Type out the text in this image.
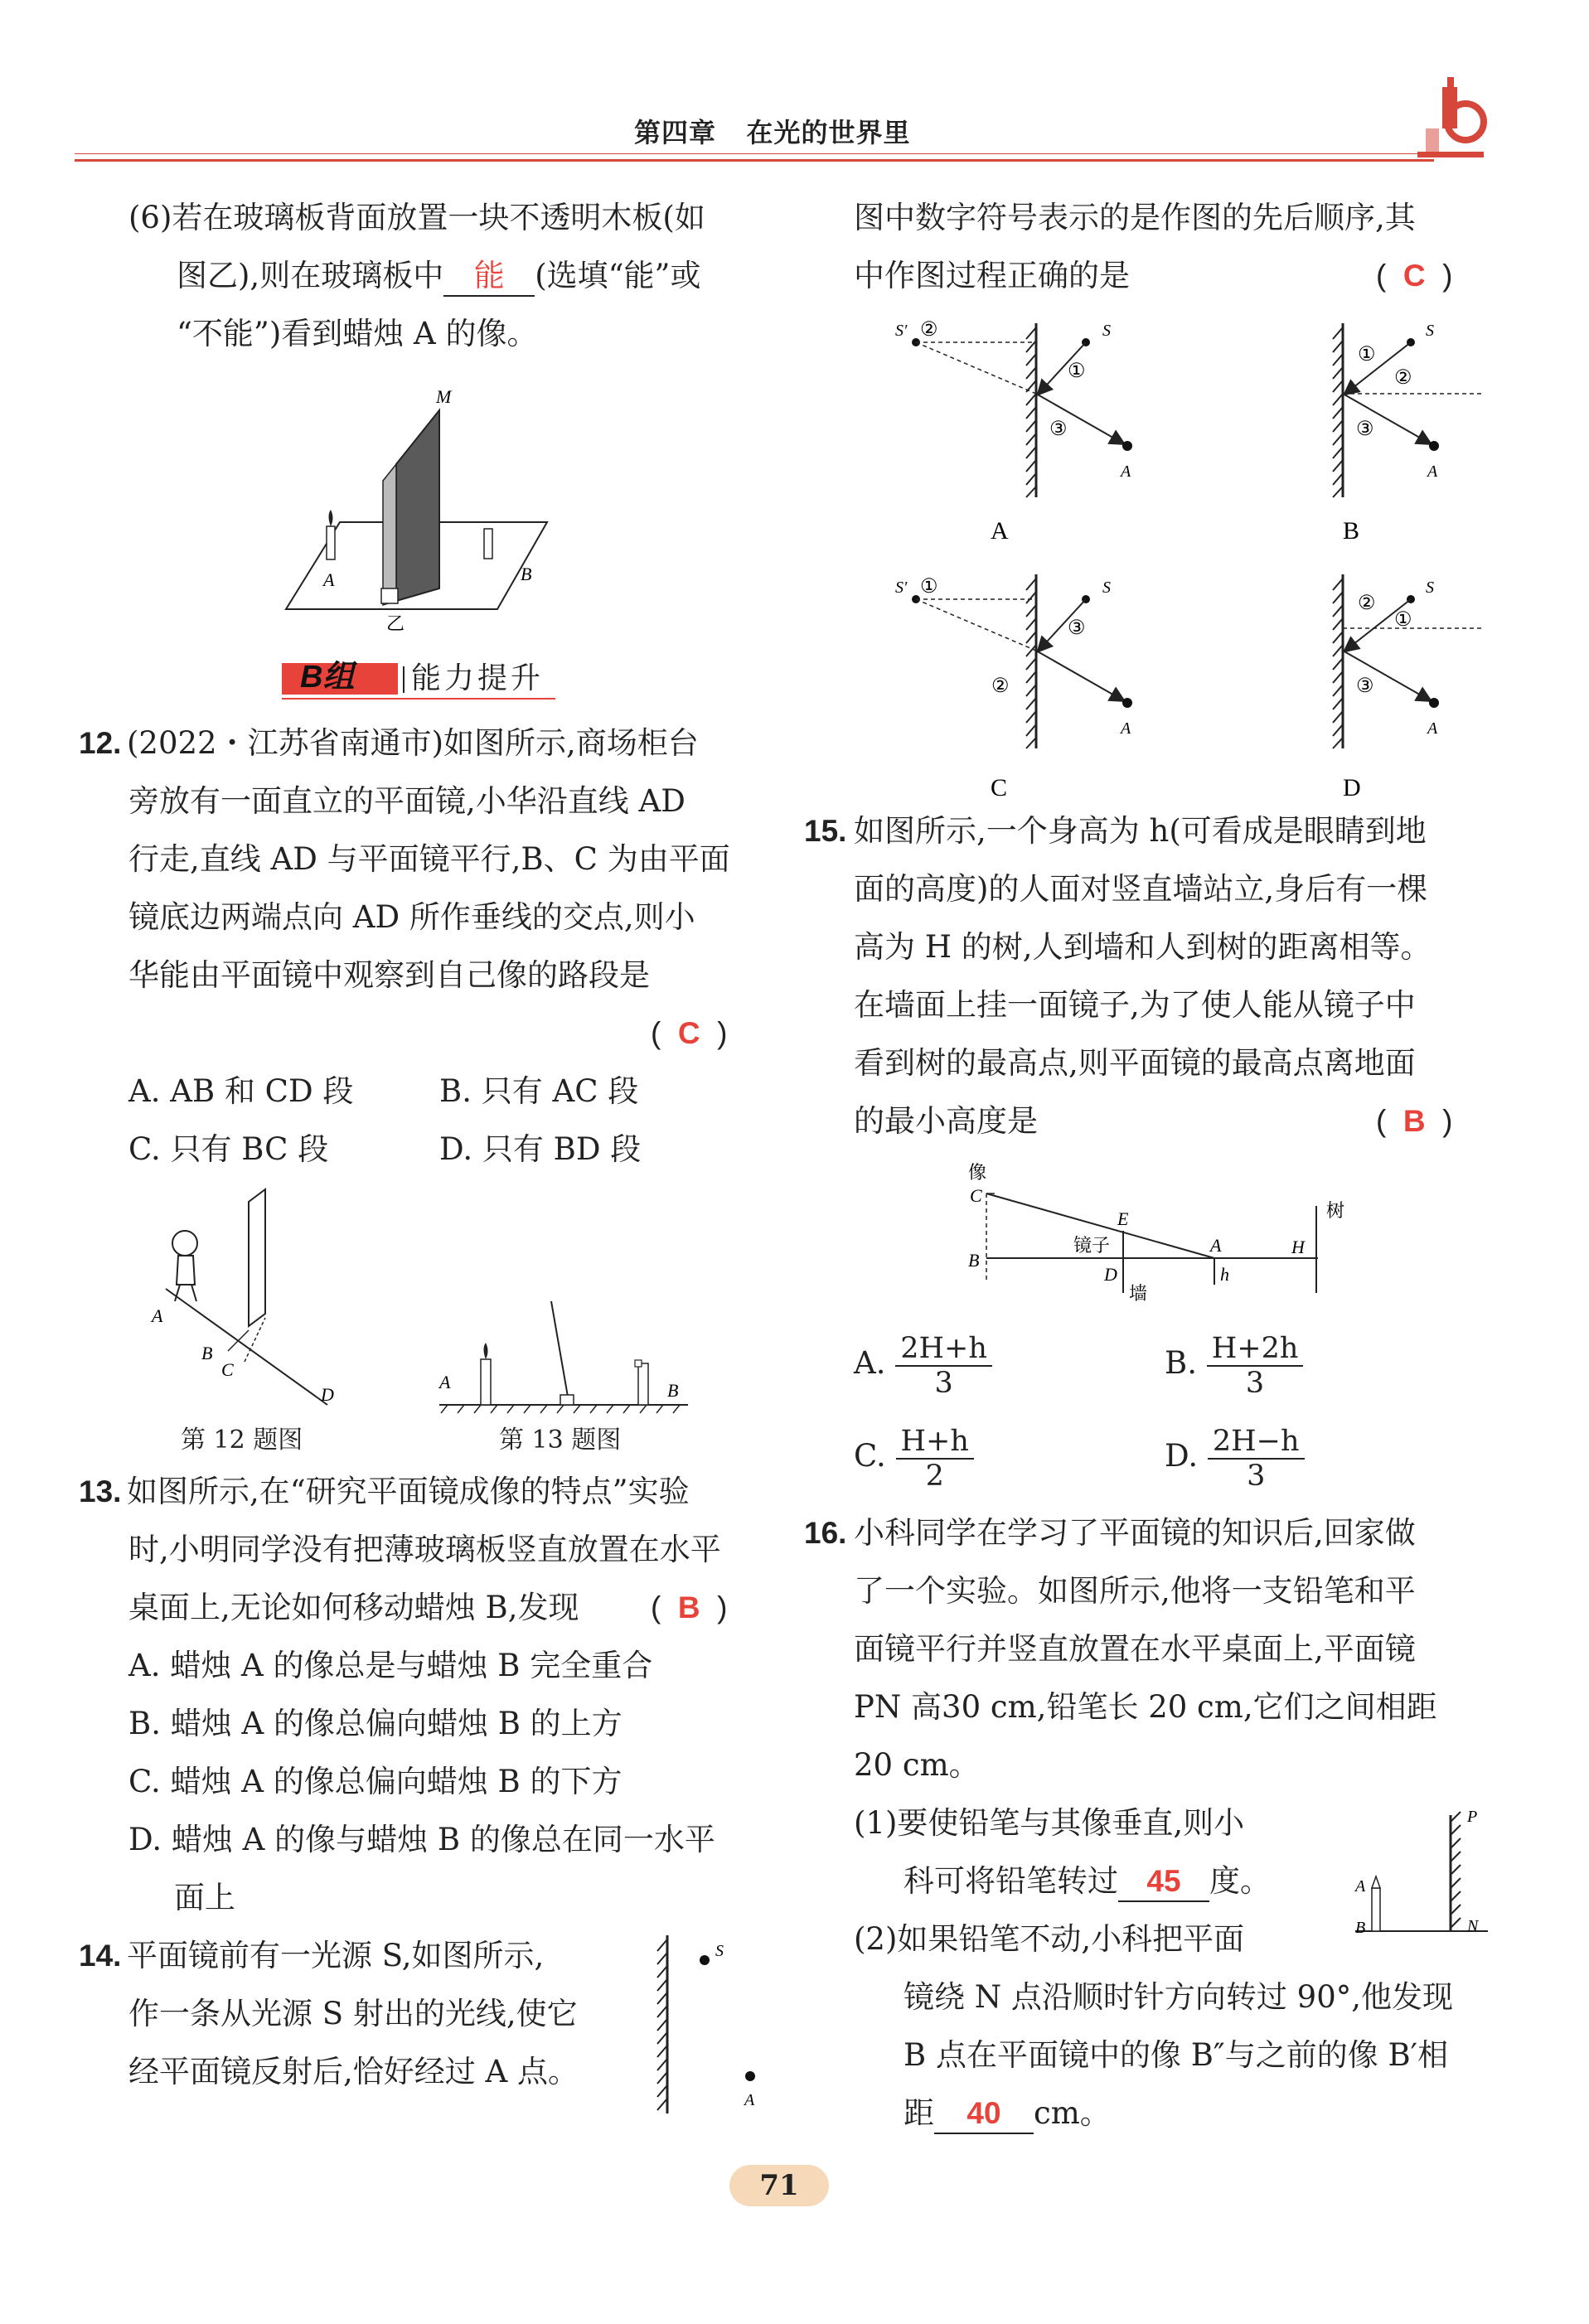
第四章 在光的世界里
(6)若在玻璃板背面放置一块不透明木板(如
图乙),则在玻璃板中 能 (选填“能”或
“不能”)看到蜡烛 A 的像。
M
A	B
乙
B组 能力提升
12. (2022・江苏省南通市)如图所示,商场柜台
旁放有一面直立的平面镜,小华沿直线 AD
行走,直线 AD 与平面镜平行,B、C 为由平面
镜底边两端点向 AD 所作垂线的交点,则小
华能由平面镜中观察到自己像的路段是
(  C  )
A. AB 和 CD 段	B. 只有 AC 段
C. 只有 BC 段	D. 只有 BD 段
A
B
C
D
第 12 题图
A	B
第 13 题图
13. 如图所示,在“研究平面镜成像的特点”实验
时,小明同学没有把薄玻璃板竖直放置在水平
桌面上,无论如何移动蜡烛 B,发现 (  B  )
A. 蜡烛 A 的像总是与蜡烛 B 完全重合
B. 蜡烛 A 的像总偏向蜡烛 B 的上方
C. 蜡烛 A 的像总偏向蜡烛 B 的下方
D. 蜡烛 A 的像与蜡烛 B 的像总在同一水平
面上
14. 平面镜前有一光源 S,如图所示,
作一条从光源 S 射出的光线,使它
经平面镜反射后,恰好经过 A 点。
S
A
图中数字符号表示的是作图的先后顺序,其
中作图过程正确的是	(  C  )
S′	S
②
①
③
A
A
S
①
②
③
A
B
S′	S
①
③
②
A
C
S
②
①
③
A
D
15. 如图所示,一个身高为 h(可看成是眼睛到地
面的高度)的人面对竖直墙站立,身后有一棵
高为 H 的树,人到墙和人到树的距离相等。
在墙面上挂一面镜子,为了使人能从镜子中
看到树的最高点,则平面镜的最高点离地面
的最小高度是	(  B  )
像
C
E
镜子
B
D
墙
A
h
H
树
A. $\frac{2H+h}{3}$	B. $\frac{H+2h}{3}$
C. $\frac{H+h}{2}$	D. $\frac{2H-h}{3}$
16. 小科同学在学习了平面镜的知识后,回家做
了一个实验。如图所示,他将一支铅笔和平
面镜平行并竖直放置在水平桌面上,平面镜
PN 高30 cm,铅笔长 20 cm,它们之间相距
20 cm。
(1)要使铅笔与其像垂直,则小
科可将铅笔转过 45 度。
(2)如果铅笔不动,小科把平面
镜绕 N 点沿顺时针方向转过 90°,他发现
B 点在平面镜中的像 B″与之前的像 B′相
距 40 cm。
P
A
B	N
71
